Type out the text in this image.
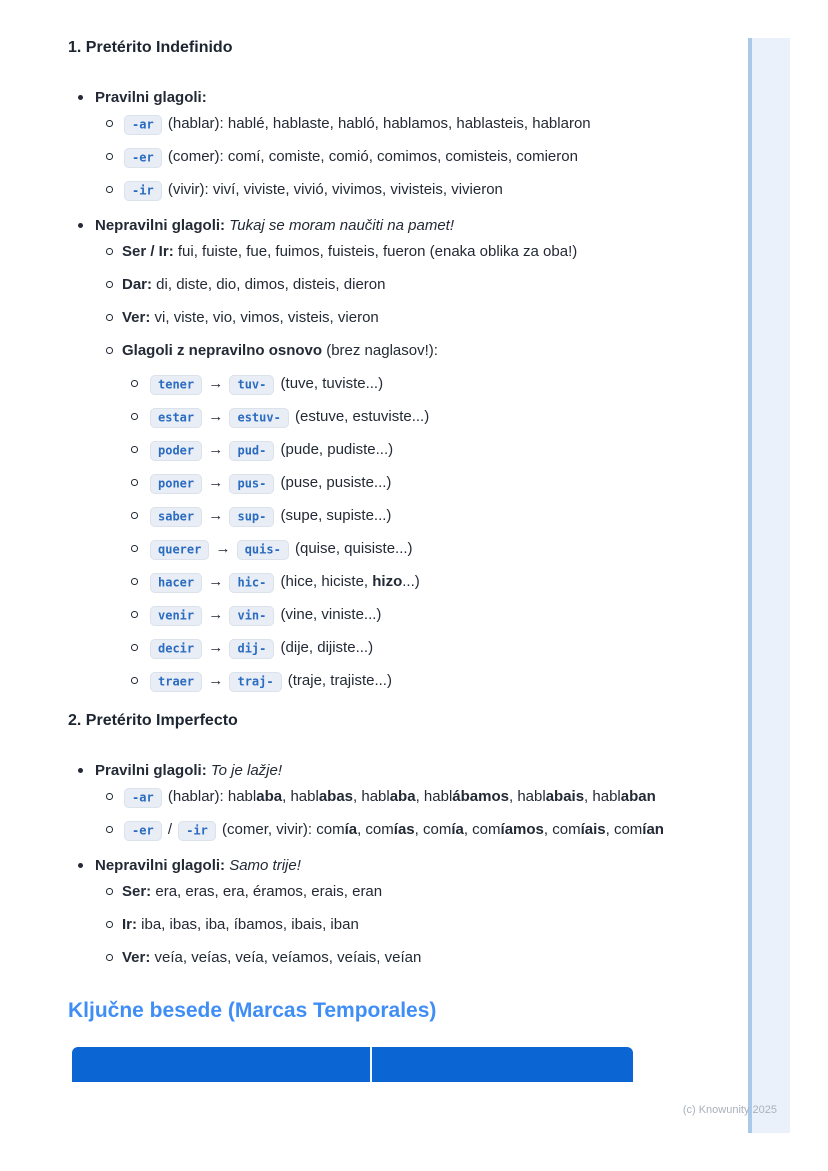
1. Pretérito Indefinido
Pravilni glagoli:
-ar (hablar): hablé, hablaste, habló, hablamos, hablasteis, hablaron
-er (comer): comí, comiste, comió, comimos, comisteis, comieron
-ir (vivir): viví, viviste, vivió, vivimos, vivisteis, vivieron
Nepravilni glagoli: Tukaj se moram naučiti na pamet!
Ser / Ir: fui, fuiste, fue, fuimos, fuisteis, fueron (enaka oblika za oba!)
Dar: di, diste, dio, dimos, disteis, dieron
Ver: vi, viste, vio, vimos, visteis, vieron
Glagoli z nepravilno osnovo (brez naglasov!):
tener → tuv- (tuve, tuviste...)
estar → estuv- (estuve, estuviste...)
poder → pud- (pude, pudiste...)
poner → pus- (puse, pusiste...)
saber → sup- (supe, supiste...)
querer → quis- (quise, quisiste...)
hacer → hic- (hice, hiciste, hizo...)
venir → vin- (vine, viniste...)
decir → dij- (dije, dijiste...)
traer → traj- (traje, trajiste...)
2. Pretérito Imperfecto
Pravilni glagoli: To je lažje!
-ar (hablar): hablaba, hablabas, hablaba, hablábamos, hablabais, hablaban
-er / -ir (comer, vivir): comía, comías, comía, comíamos, comíais, comían
Nepravilni glagoli: Samo trije!
Ser: era, eras, era, éramos, erais, eran
Ir: iba, ibas, iba, íbamos, ibais, iban
Ver: veía, veías, veía, veíamos, veíais, veían
Ključne besede (Marcas Temporales)
(c) Knowunity 2025
